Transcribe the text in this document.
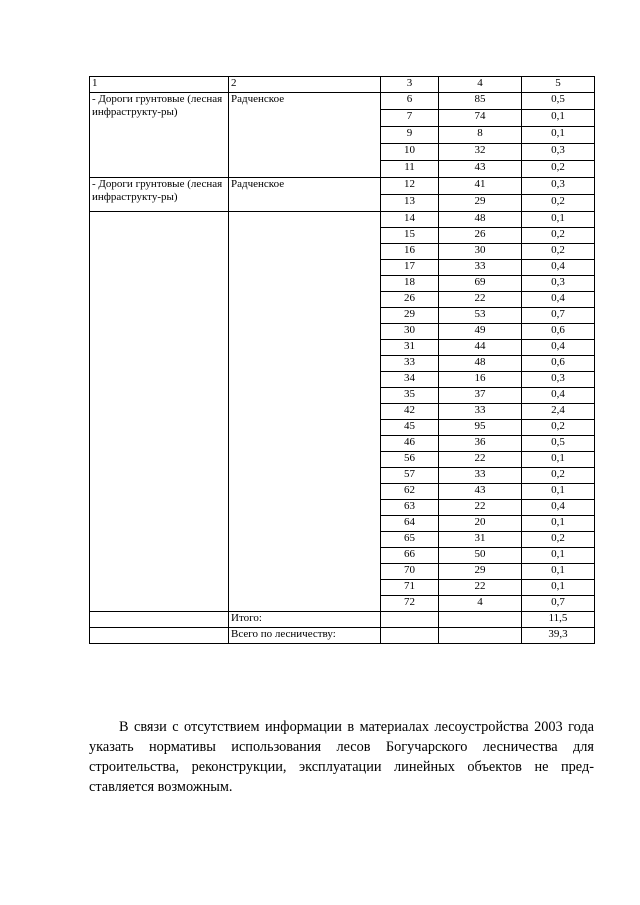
1	2	3	4	5
- Дороги грунтовые (лесная инфраструкту-ры)	Радченское	6	85	0,5
		7	74	0,1
		9	8	0,1
		10	32	0,3
		11	43	0,2
- Дороги грунтовые (лесная инфраструкту-ры)	Радченское	12	41	0,3
		13	29	0,2
		14	48	0,1
		15	26	0,2
		16	30	0,2
		17	33	0,4
		18	69	0,3
		26	22	0,4
		29	53	0,7
		30	49	0,6
		31	44	0,4
		33	48	0,6
		34	16	0,3
		35	37	0,4
		42	33	2,4
		45	95	0,2
		46	36	0,5
		56	22	0,1
		57	33	0,2
		62	43	0,1
		63	22	0,4
		64	20	0,1
		65	31	0,2
		66	50	0,1
		70	29	0,1
		71	22	0,1
		72	4	0,7
	Итого:			11,5
	Всего по лесничеству:			39,3

В связи с отсутствием информации в материалах лесоустройства 2003 года указать нормативы использования лесов Богучарского лесничества для строительства, реконструкции, эксплуатации линейных объектов не пред-ставляется возможным.
